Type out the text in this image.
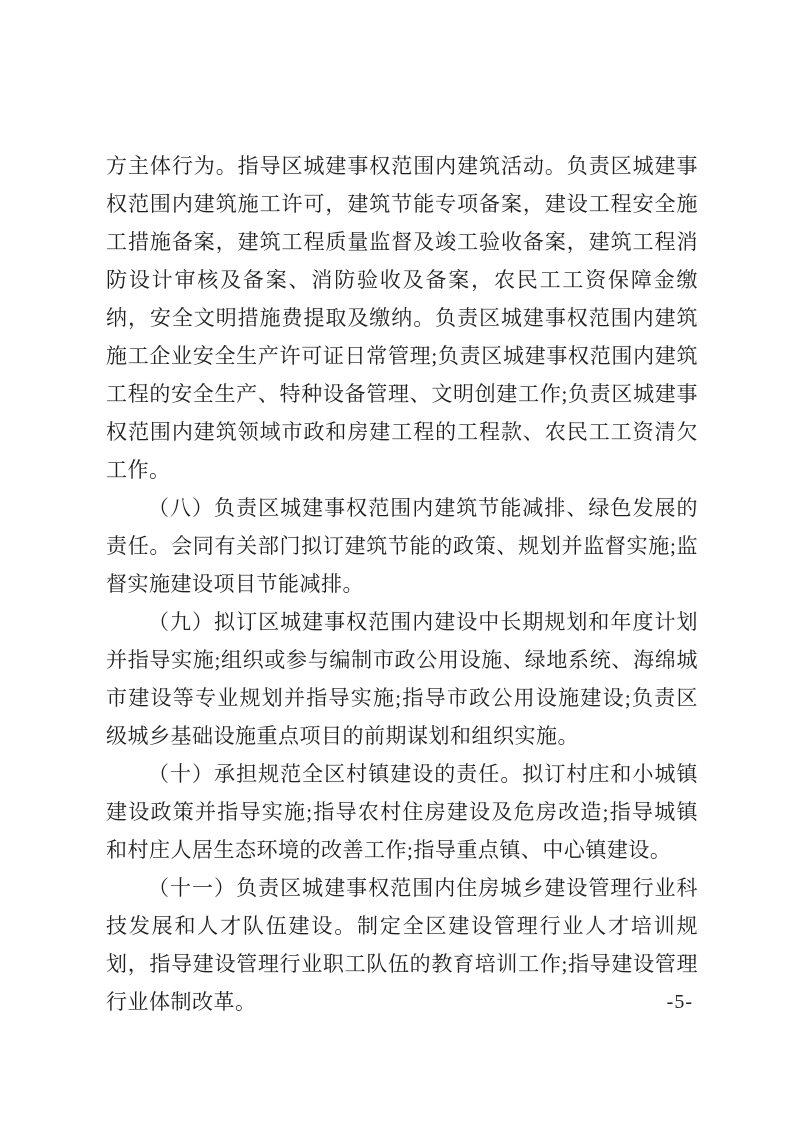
方主体行为。指导区城建事权范围内建筑活动。负责区城建事权范围内建筑施工许可，建筑节能专项备案，建设工程安全施工措施备案，建筑工程质量监督及竣工验收备案，建筑工程消防设计审核及备案、消防验收及备案，农民工工资保障金缴纳，安全文明措施费提取及缴纳。负责区城建事权范围内建筑施工企业安全生产许可证日常管理;负责区城建事权范围内建筑工程的安全生产、特种设备管理、文明创建工作;负责区城建事权范围内建筑领域市政和房建工程的工程款、农民工工资清欠工作。

（八）负责区城建事权范围内建筑节能减排、绿色发展的责任。会同有关部门拟订建筑节能的政策、规划并监督实施;监督实施建设项目节能减排。

（九）拟订区城建事权范围内建设中长期规划和年度计划并指导实施;组织或参与编制市政公用设施、绿地系统、海绵城市建设等专业规划并指导实施;指导市政公用设施建设;负责区级城乡基础设施重点项目的前期谋划和组织实施。

（十）承担规范全区村镇建设的责任。拟订村庄和小城镇建设政策并指导实施;指导农村住房建设及危房改造;指导城镇和村庄人居生态环境的改善工作;指导重点镇、中心镇建设。

（十一）负责区城建事权范围内住房城乡建设管理行业科技发展和人才队伍建设。制定全区建设管理行业人才培训规划，指导建设管理行业职工队伍的教育培训工作;指导建设管理行业体制改革。	-5-
